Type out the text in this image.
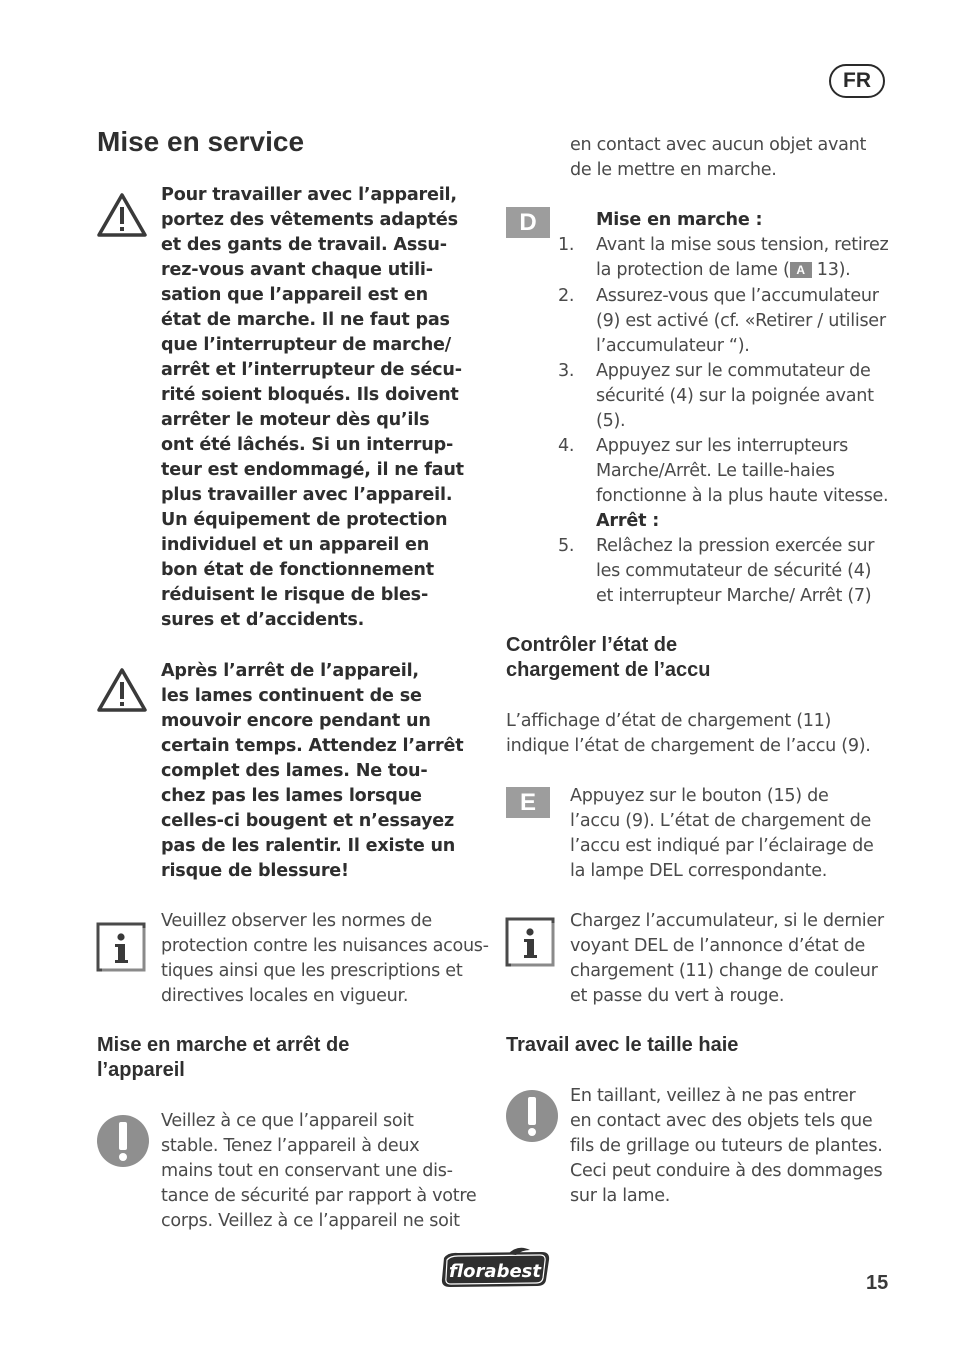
FR
Mise en service
Pour travailler avec l’appareil,
portez des vêtements adaptés
et des gants de travail. Assu-
rez-vous avant chaque utili-
sation que l’appareil est en
état de marche. Il ne faut pas
que l’interrupteur de marche/
arrêt et l’interrupteur de sécu-
rité soient bloqués. Ils doivent
arrêter le moteur dès qu’ils
ont été lâchés. Si un interrup-
teur est endommagé, il ne faut
plus travailler avec l’appareil.
Un équipement de protection
individuel et un appareil en
bon état de fonctionnement
réduisent le risque de bles-
sures et d’accidents.
Après l’arrêt de l’appareil,
les lames continuent de se
mouvoir encore pendant un
certain temps. Attendez l’arrêt
complet des lames. Ne tou-
chez pas les lames lorsque
celles-ci bougent et n’essayez
pas de les ralentir. Il existe un
risque de blessure!
Veuillez observer les normes de
protection contre les nuisances acous-
tiques ainsi que les prescriptions et
directives locales en vigueur.
Mise en marche et arrêt de
l’appareil
Veillez à ce que l’appareil soit
stable. Tenez l’appareil à deux
mains tout en conservant une dis-
tance de sécurité par rapport à votre
corps. Veillez à ce l’appareil ne soit
en contact avec aucun objet avant
de le mettre en marche.
D	Mise en marche :
1. Avant la mise sous tension, retirez
la protection de lame ( A 13).
2. Assurez-vous que l’accumulateur
(9) est activé (cf. «Retirer / utiliser
l’accumulateur “).
3. Appuyez sur le commutateur de
sécurité (4) sur la poignée avant
(5).
4. Appuyez sur les interrupteurs
Marche/Arrêt. Le taille-haies
fonctionne à la plus haute vitesse.
Arrêt :
5. Relâchez la pression exercée sur
les commutateur de sécurité (4)
et interrupteur Marche/ Arrêt (7)
Contrôler l’état de
chargement de l’accu
L’affichage d’état de chargement (11)
indique l’état de chargement de l’accu (9).
E	Appuyez sur le bouton (15) de
l’accu (9). L’état de chargement de
l’accu est indiqué par l’éclairage de
la lampe DEL correspondante.
Chargez l’accumulateur, si le dernier
voyant DEL de l’annonce d’état de
chargement (11) change de couleur
et passe du vert à rouge.
Travail avec le taille haie
En taillant, veillez à ne pas entrer
en contact avec des objets tels que
fils de grillage ou tuteurs de plantes.
Ceci peut conduire à des dommages
sur la lame.
florabest
15
